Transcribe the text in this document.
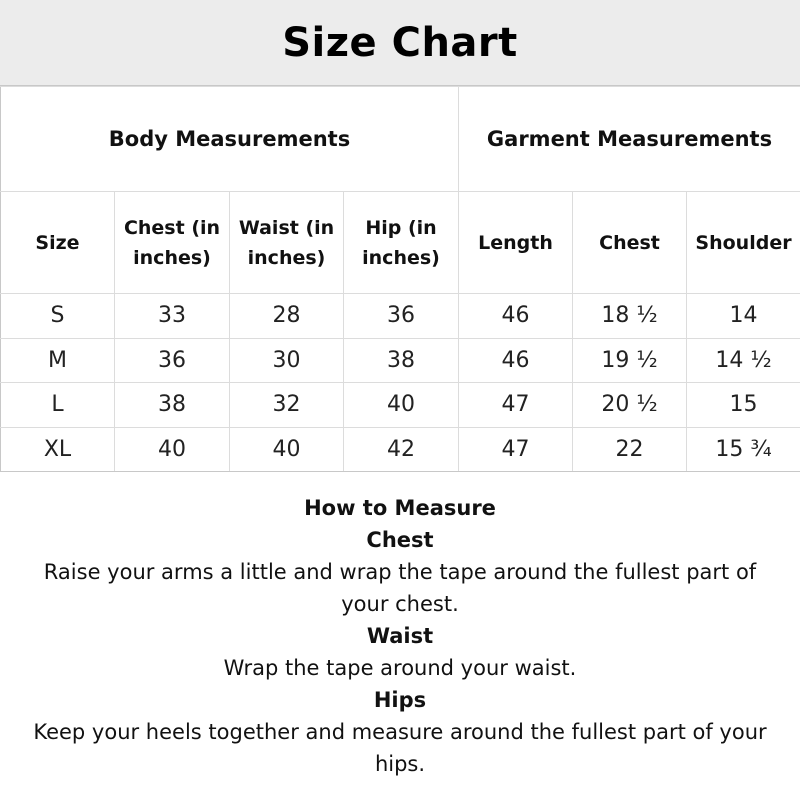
Size Chart
Body Measurements				Garment Measurements		

Size	Chest (in inches)	Waist (in inches)	Hip (in inches)	Length	Chest	Shoulder

S	33	28	36	46	18 ½	14
M	36	30	38	46	19 ½	14 ½
L	38	32	40	47	20 ½	15
XL	40	40	42	47	22	15 ¾

How to Measure

Chest

Raise your arms a little and wrap the tape around the fullest part of your chest.

Waist

Wrap the tape around your waist.

Hips

Keep your heels together and measure around the fullest part of your hips.
